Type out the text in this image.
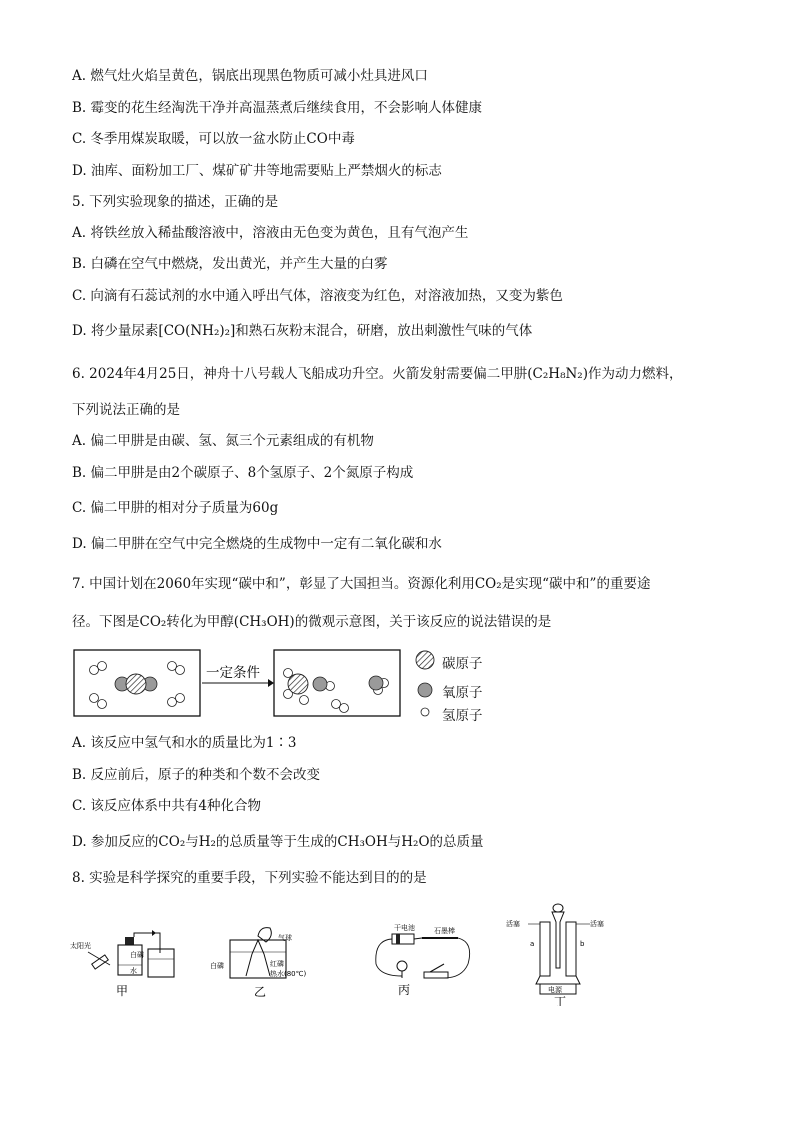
A. 燃气灶火焰呈黄色，锅底出现黑色物质可减小灶具进风口
B. 霉变的花生经淘洗干净并高温蒸煮后继续食用，不会影响人体健康
C. 冬季用煤炭取暖，可以放一盆水防止CO中毒
D. 油库、面粉加工厂、煤矿矿井等地需要贴上严禁烟火的标志
5. 下列实验现象的描述，正确的是
A. 将铁丝放入稀盐酸溶液中，溶液由无色变为黄色，且有气泡产生
B. 白磷在空气中燃烧，发出黄光，并产生大量的白雾
C. 向滴有石蕊试剂的水中通入呼出气体，溶液变为红色，对溶液加热，又变为紫色
D. 将少量尿素[CO(NH₂)₂]和熟石灰粉末混合，研磨，放出刺激性气味的气体
6. 2024年4月25日，神舟十八号载人飞船成功升空。火箭发射需要偏二甲肼(C₂H₈N₂)作为动力燃料，
下列说法正确的是
A. 偏二甲肼是由碳、氢、氮三个元素组成的有机物
B. 偏二甲肼是由2个碳原子、8个氢原子、2个氮原子构成
C. 偏二甲肼的相对分子质量为60g
D. 偏二甲肼在空气中完全燃烧的生成物中一定有二氧化碳和水
7. 中国计划在2060年实现“碳中和”，彰显了大国担当。资源化利用CO₂是实现“碳中和”的重要途
径。下图是CO₂转化为甲醇(CH₃OH)的微观示意图，关于该反应的说法错误的是
一定条件
碳原子
氧原子
氢原子
A. 该反应中氢气和水的质量比为1∶3
B. 反应前后，原子的种类和个数不会改变
C. 该反应体系中共有4种化合物
D. 参加反应的CO₂与H₂的总质量等于生成的CH₃OH与H₂O的总质量
8. 实验是科学探究的重要手段，下列实验不能达到目的的是
太阳光
白磷
水
甲
气球
白磷	红磷
热水(80℃)
乙
干电池	石墨棒
丙
活塞	活塞
a	b
电源
丁
